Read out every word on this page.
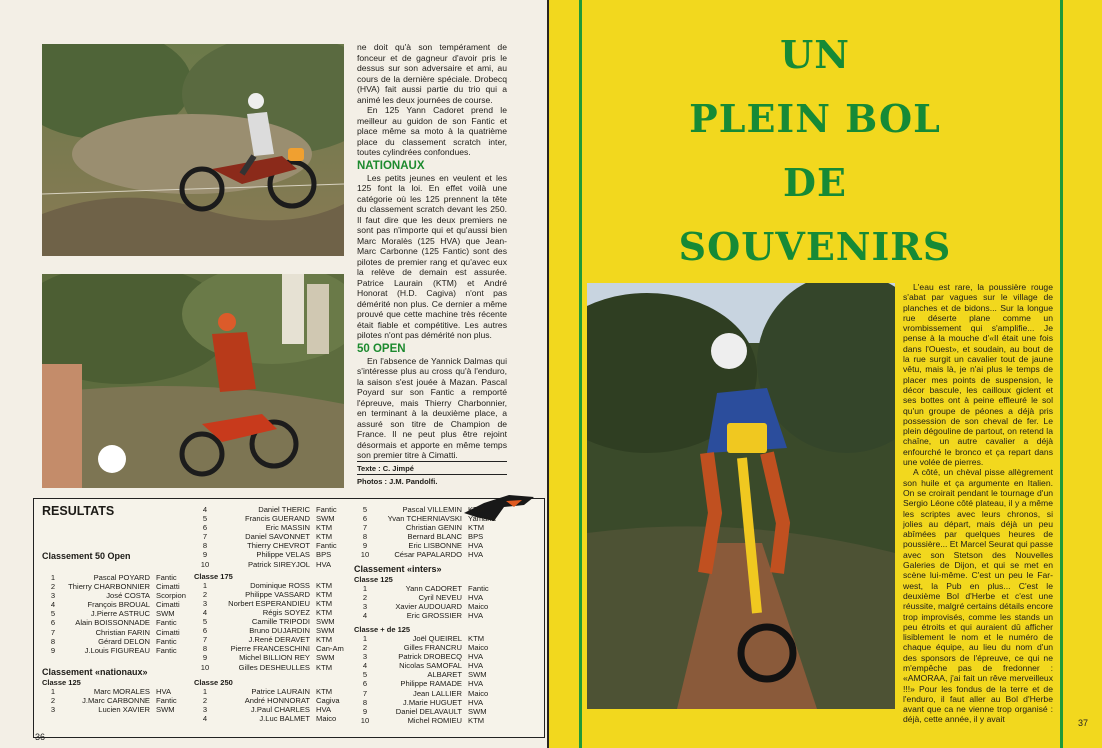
ne doit qu'à son tempérament de fonceur et de gagneur d'avoir pris le dessus sur son adversaire et ami, au cours de la dernière spéciale. Drobecq (HVA) fait aussi partie du trio qui a animé les deux journées de course.

En 125 Yann Cadoret prend le meilleur au guidon de son Fantic et place même sa moto à la quatrième place du classement scratch inter, toutes cylindrées confondues.

NATIONAUX

Les petits jeunes en veulent et les 125 font la loi. En effet voilà une catégorie où les 125 prennent la tête du classement scratch devant les 250. Il faut dire que les deux premiers ne sont pas n'importe qui et qu'aussi bien Marc Moralès (125 HVA) que Jean-Marc Carbonne (125 Fantic) sont des pilotes de premier rang et qu'avec eux la relève de demain est assurée. Patrice Laurain (KTM) et André Honorat (H.D. Cagiva) n'ont pas démérité non plus. Ce dernier a même prouvé que cette machine très récente était fiable et compétitive. Les autres pilotes n'ont pas démérité non plus.

50 OPEN

En l'absence de Yannick Dalmas qui s'intéresse plus au cross qu'à l'enduro, la saison s'est jouée à Mazan. Pascal Poyard sur son Fantic a remporté l'épreuve, mais Thierry Charbonnier, en terminant à la deuxième place, a assuré son titre de Champion de France. Il ne peut plus être rejoint désormais et apporte en même temps son premier titre à Cimatti.

Texte : C. Jimpé

Photos : J.M. Pandolfi.

RESULTATS
Classement 50 Open
1	Pascal POYARD Fantic
2	Thierry CHARBONNIER Cimatti
3	José COSTA Scorpion
4	François BROUAL Cimatti
5	J.Pierre ASTRUC SWM
6	Alain BOISSONNADE Fantic
7	Christian FARIN Cimatti
8	Gérard DELON Fantic
9	J.Louis FIGUREAU Fantic
Classement «nationaux»
Classe 125
1	Marc MORALES HVA
2	J.Marc CARBONNE Fantic
3	Lucien XAVIER SWM
4	Daniel THERIC Fantic
5	Francis GUERAND SWM
6	Eric MASSIN KTM
7	Daniel SAVONNET KTM
8	Thierry CHEVROT Fantic
9	Philippe VELAS BPS
10	Patrick SIREYJOL HVA
Classe 175
1	Dominique ROSS KTM
2	Philippe VASSARD KTM
3	Norbert ESPERANDIEU KTM
4	Régis SOYEZ KTM
5	Camille TRIPODI SWM
6	Bruno DUJARDIN SWM
7	J.René DERAVET KTM
8	Pierre FRANCESCHINI Can-Am
9	Michel BILLION REY SWM
10	Gilles DESHEULLES KTM
Classe 250
1	Patrice LAURAIN KTM
2	André HONNORAT Cagiva
3	J.Paul CHARLES HVA
4	J.Luc BALMET Maico
5	Pascal VILLEMIN KTM
6	Yvan TCHERNIAVSKI Yamaha
7	Christian GENIN KTM
8	Bernard BLANC BPS
9	Eric LISBONNE HVA
10	César PAPALARDO HVA
Classement «inters»
Classe 125
1	Yann CADORET Fantic
2	Cyril NEVEU HVA
3	Xavier AUDOUARD Maico
4	Eric GROSSIER HVA
Classe + de 125
1	Joël QUEIREL KTM
2	Gilles FRANCRU Maico
3	Patrick DROBECQ HVA
4	Nicolas SAMOFAL HVA
5	ALBARET SWM
6	Philippe RAMADE HVA
7	Jean LALLIER Maico
8	J.Marie HUGUET HVA
9	Daniel DELAVAULT SWM
10	Michel ROMIEU KTM
36
37
UN
PLEIN BOL
DE
SOUVENIRS

L'eau est rare, la poussière rouge s'abat par vagues sur le village de planches et de bidons... Sur la longue rue déserte plane comme un vrombissement qui s'amplifie... Je pense à la mouche d'«Il était une fois dans l'Ouest», et soudain, au bout de la rue surgit un cavalier tout de jaune vêtu, mais là, je n'ai plus le temps de placer mes points de suspension, le décor bascule, les cailloux giclent et ses bottes ont à peine effleuré le sol qu'un groupe de péones a déjà pris possession de son cheval de fer. Le plein dégouline de partout, on retend la chaîne, un autre cavalier a déjà enfourché le bronco et ça repart dans une volée de pierres.

A côté, un chèval pisse allègrement son huile et ça argumente en Italien. On se croirait pendant le tournage d'un Sergio Léone côté plateau, il y a même les scriptes avec leurs chronos, si jolies au départ, mais déjà un peu abîmées par quelques heures de poussière... Et Marcel Seurat qui passe avec son Stetson des Nouvelles Galeries de Dijon, et qui se met en scène lui-même. C'est un peu le Far- west, la Pub en plus... C'est le deuxième Bol d'Herbe et c'est une réussite, malgré certains détails encore trop improvisés, comme les stands un peu étroits et qui auraient dû afficher lisiblement le nom et le numéro de chaque équipe, au lieu du nom d'un des sponsors de l'épreuve, ce qui ne m'empêche pas de fredonner : «AMORAA, j'ai fait un rêve merveilleux !!!» Pour les fondus de la terre et de l'enduro, il faut aller au Bol d'Herbe avant que ca ne vienne trop organisé : déjà, cette année, il y avait
